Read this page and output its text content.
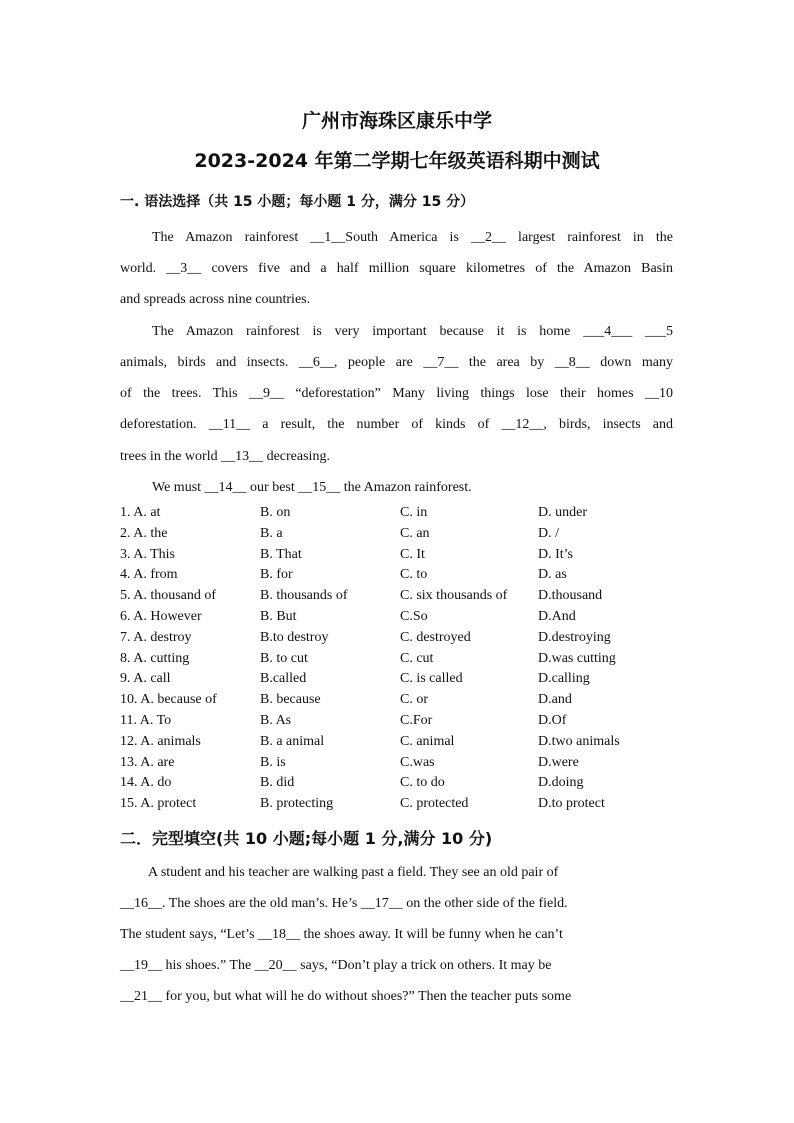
广州市海珠区康乐中学
2023-2024 年第二学期七年级英语科期中测试
一. 语法选择（共 15 小题；每小题 1 分，满分 15 分）
The Amazon rainforest __1__South America is __2__ largest rainforest in the
world. __3__ covers five and a half million square kilometres of the Amazon Basin
and spreads across nine countries.
The Amazon rainforest is very important because it is home ___4___ ___5
animals, birds and insects. __6__, people are __7__ the area by __8__ down many
of the trees. This __9__ “deforestation” Many living things lose their homes __10
deforestation. __11__ a result, the number of kinds of __12__, birds, insects and
trees in the world __13__ decreasing.
We must __14__ our best __15__ the Amazon rainforest.
1. A. at	B. on	C. in	D. under
2. A. the	B. a	C. an	D. /
3. A. This	B. That	C. It	D. It’s
4. A. from	B. for	C. to	D. as
5. A. thousand of	B. thousands of	C. six thousands of D.thousand
6. A. However	B. But	C.So	D.And
7. A. destroy	B.to destroy	C. destroyed	D.destroying
8. A. cutting	B. to cut	C. cut	D.was cutting
9. A. call	B.called	C. is called	D.calling
10. A. because of	B. because	C. or	D.and
11. A. To	B. As	C.For	D.Of
12. A. animals	B. a animal	C. animal	D.two animals
13. A. are	B. is	C.was	D.were
14. A. do	B. did	C. to do	D.doing
15. A. protect	B. protecting	C. protected	D.to protect
二．完型填空(共 10 小题;每小题 1 分,满分 10 分)
A student and his teacher are walking past a field. They see an old pair of
__16__. The shoes are the old man’s. He’s __17__ on the other side of the field.
The student says, “Let’s __18__ the shoes away. It will be funny when he can’t
__19__ his shoes.” The __20__ says, “Don’t play a trick on others. It may be
__21__ for you, but what will he do without shoes?” Then the teacher puts some
